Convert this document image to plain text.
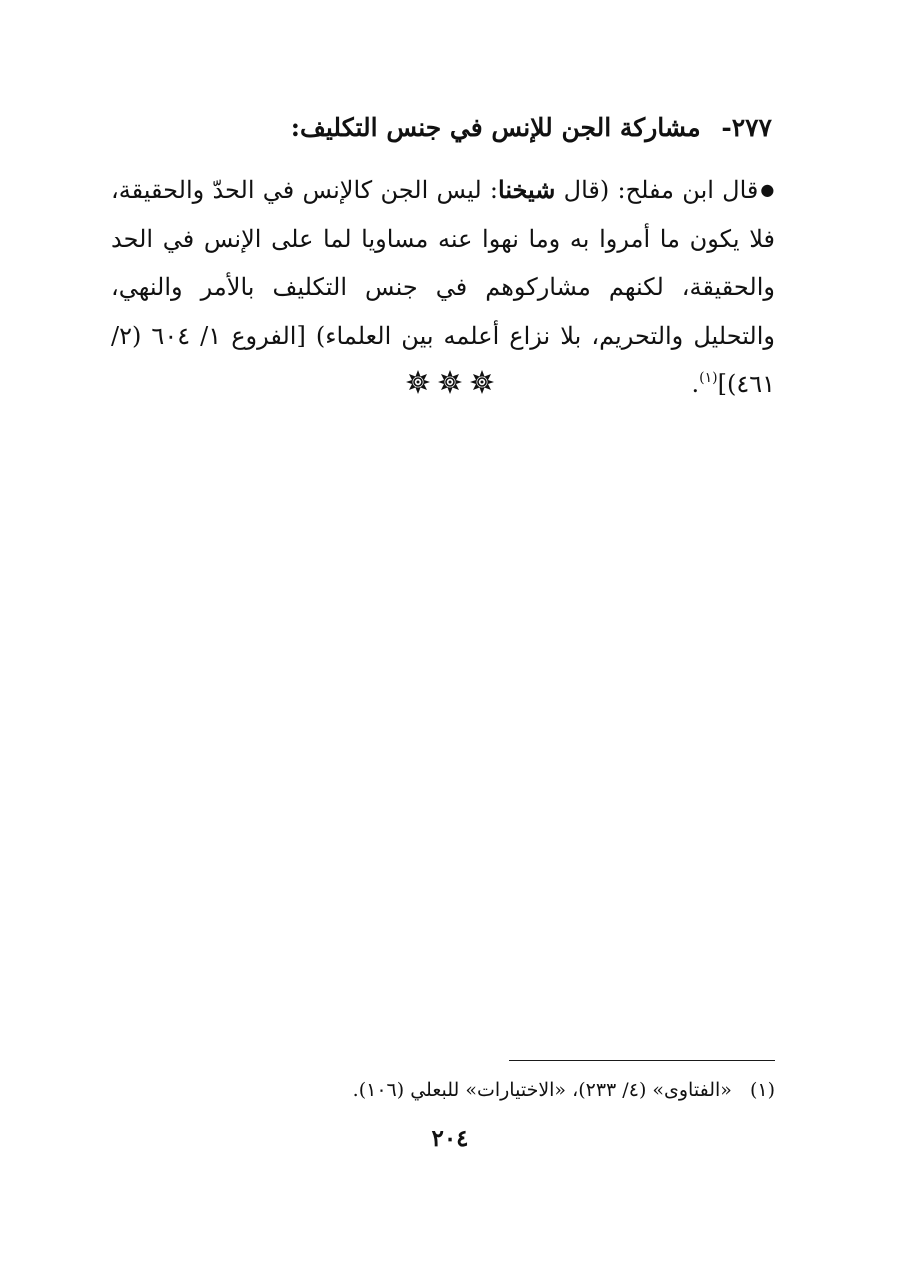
٢٧٧- مشاركة الجن للإنس في جنس التكليف:

●قال ابن مفلح: (قال شيخنا: ليس الجن كالإنس في الحدّ والحقيقة، فلا يكون ما أمروا به وما نهوا عنه مساويا لما على الإنس في الحد والحقيقة، لكنهم مشاركوهم في جنس التكليف بالأمر والنهي، والتحليل والتحريم، بلا نزاع أعلمه بين العلماء) [الفروع ١/ ٦٠٤ (٢/ ٤٦١)]$^{(١)}$.

(١) «الفتاوى» (٤/ ٢٣٣)، «الاختيارات» للبعلي (١٠٦).
٢٠٤
